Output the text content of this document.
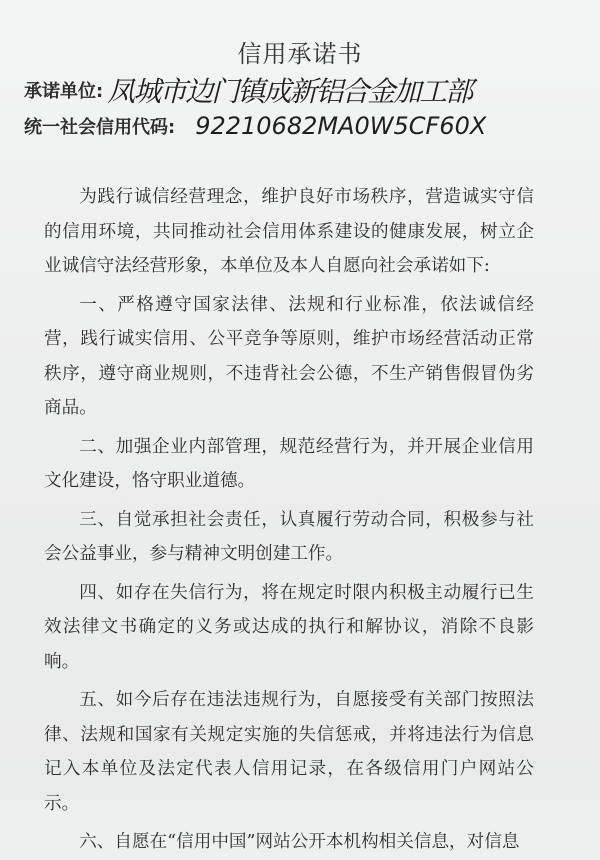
信用承诺书
承诺单位: 凤城市边门镇成新铝合金加工部
统一社会信用代码: 92210682MA0W5CF60X

为践行诚信经营理念，维护良好市场秩序，营造诚实守信的信用环境，共同推动社会信用体系建设的健康发展，树立企业诚信守法经营形象，本单位及本人自愿向社会承诺如下:

一、严格遵守国家法律、法规和行业标准，依法诚信经营，践行诚实信用、公平竞争等原则，维护市场经营活动正常秩序，遵守商业规则，不违背社会公德，不生产销售假冒伪劣商品。

二、加强企业内部管理，规范经营行为，并开展企业信用文化建设，恪守职业道德。

三、自觉承担社会责任，认真履行劳动合同，积极参与社会公益事业，参与精神文明创建工作。

四、如存在失信行为，将在规定时限内积极主动履行已生效法律文书确定的义务或达成的执行和解协议，消除不良影响。

五、如今后存在违法违规行为，自愿接受有关部门按照法律、法规和国家有关规定实施的失信惩戒，并将违法行为信息记入本单位及法定代表人信用记录，在各级信用门户网站公示。

六、自愿在“信用中国”网站公开本机构相关信息，对信息
